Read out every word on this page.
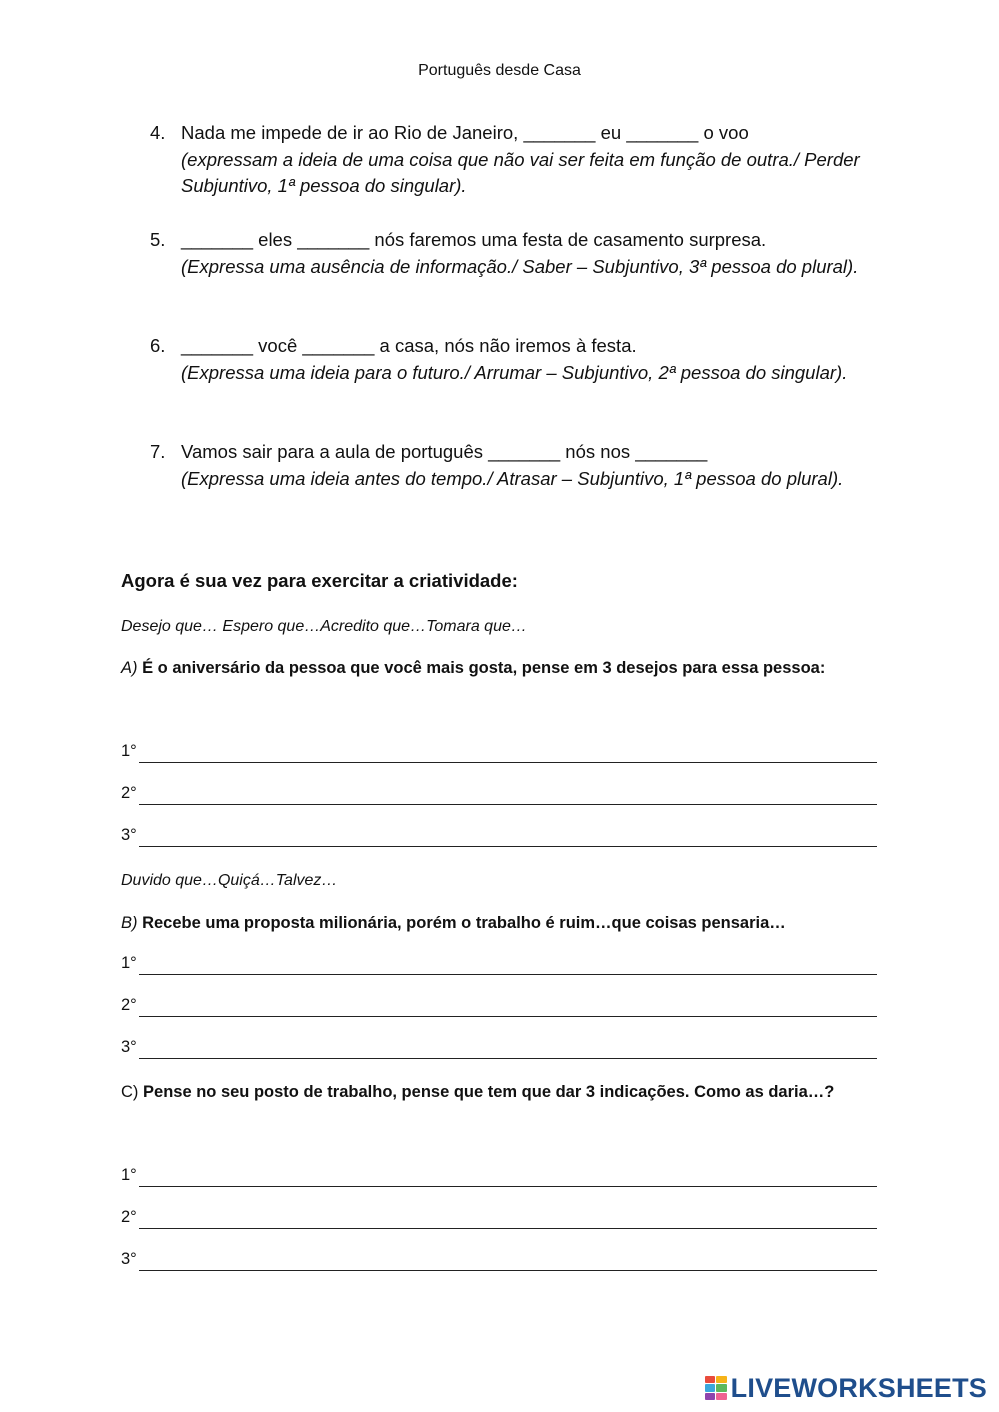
Português desde Casa
4. Nada me impede de ir ao Rio de Janeiro, _______ eu _______ o voo
(expressam a ideia de uma coisa que não vai ser feita em função de outra./ Perder Subjuntivo, 1ª pessoa do singular).
5. _______ eles _______ nós faremos uma festa de casamento surpresa.
(Expressa uma ausência de informação./ Saber – Subjuntivo, 3ª pessoa do plural).
6. _______ você _______ a casa, nós não iremos à festa.
(Expressa uma ideia para o futuro./ Arrumar – Subjuntivo, 2ª pessoa do singular).
7. Vamos sair para a aula de português _______ nós nos _______
(Expressa uma ideia antes do tempo./ Atrasar – Subjuntivo, 1ª pessoa do plural).
Agora é sua vez para exercitar a criatividade:
Desejo que… Espero que…Acredito que…Tomara que…
A) É o aniversário da pessoa que você mais gosta, pense em 3 desejos para essa pessoa:
1°
2°
3°
Duvido que…Quiçá…Talvez…
B) Recebe uma proposta milionária, porém o trabalho é ruim…que coisas pensaria…
1°
2°
3°
C) Pense no seu posto de trabalho, pense que tem que dar 3 indicações. Como as daria…?
1°
2°
3°
LIVEWORKSHEETS
